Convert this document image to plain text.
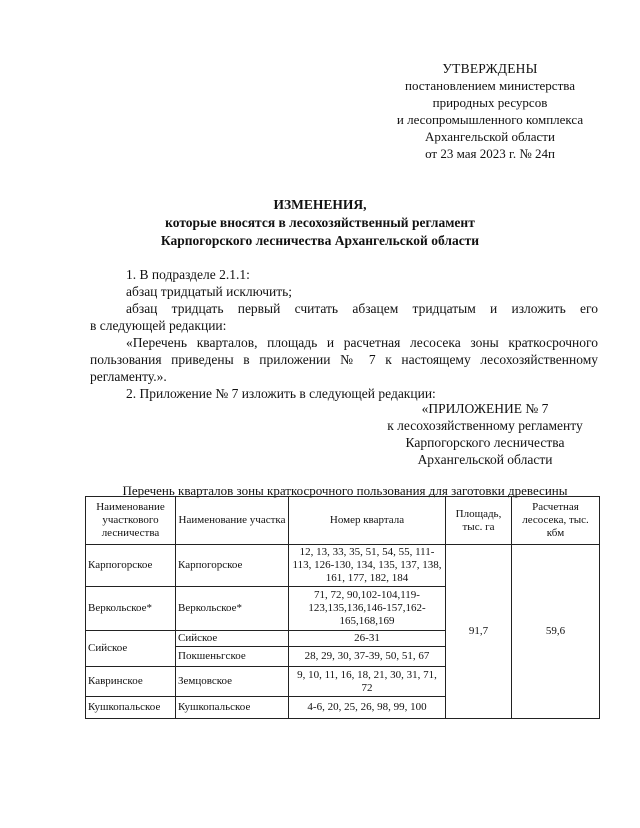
УТВЕРЖДЕНЫ
постановлением министерства
природных ресурсов
и лесопромышленного комплекса
Архангельской области
от 23 мая 2023 г. № 24п
ИЗМЕНЕНИЯ,
которые вносятся в лесохозяйственный регламент
Карпогорского лесничества Архангельской области

1. В подразделе 2.1.1:

абзац тридцатый исключить;

абзац тридцать первый считать абзацем тридцатым и изложить его

в следующей редакции:

«Перечень кварталов, площадь и расчетная лесосека зоны краткосрочного

пользования приведены в приложении № 7 к настоящему лесохозяйственному

регламенту.».

2. Приложение № 7 изложить в следующей редакции:

«ПРИЛОЖЕНИЕ № 7
к лесохозяйственному регламенту
Карпогорского лесничества
Архангельской области
Перечень кварталов зоны краткосрочного пользования для заготовки древесины
Наименование участкового лесничества	Наименование участка	Номер квартала	Площадь, тыс. га	Расчетная лесосека, тыс. кбм
Карпогорское	Карпогорское	12, 13, 33, 35, 51, 54, 55, 111-113, 126-130, 134, 135, 137, 138, 161, 177, 182, 184	91,7	59,6
Веркольское*	Веркольское*	71, 72, 90,102-104,119-123,135,136,146-157,162-165,168,169		
Сийское	Сийское	26-31		
	Покшеньгское	28, 29, 30, 37-39, 50, 51, 67		
Кавринское	Земцовское	9, 10, 11, 16, 18, 21, 30, 31, 71, 72		
Кушкопальское	Кушкопальское	4-6, 20, 25, 26, 98, 99, 100		
